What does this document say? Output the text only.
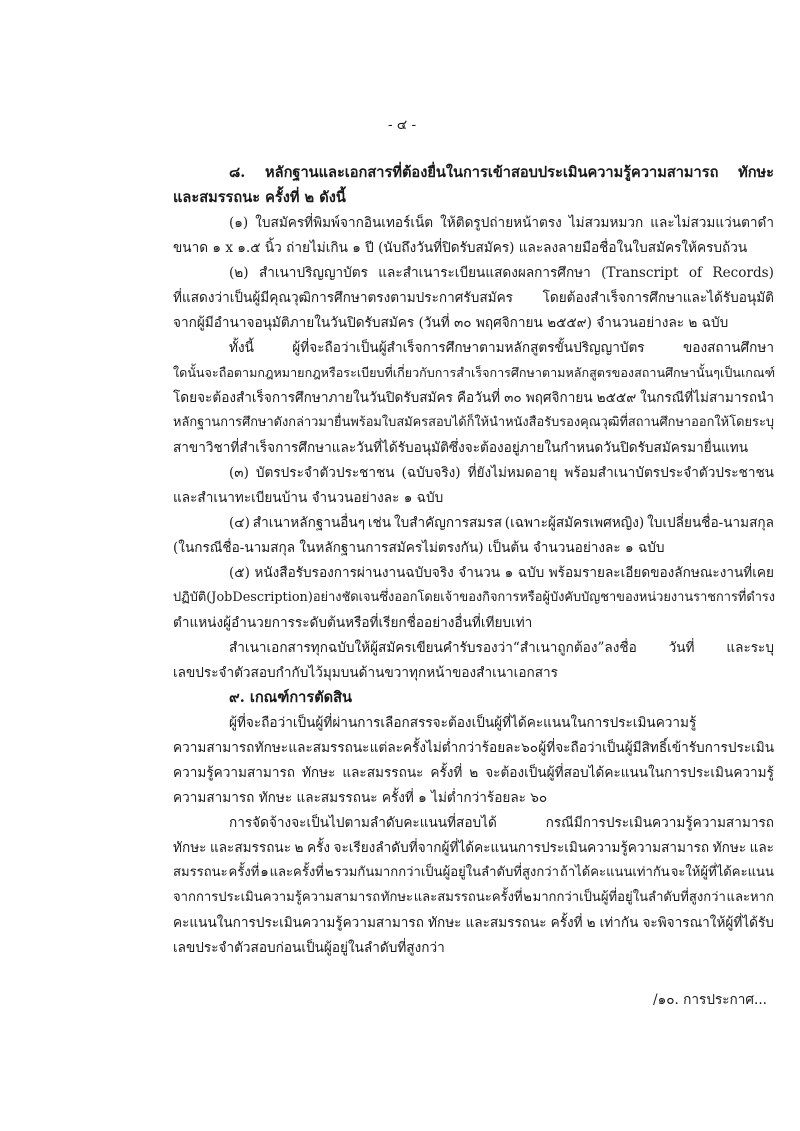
- ๔ -
๘. หลักฐานและเอกสารที่ต้องยื่นในการเข้าสอบประเมินความรู้ความสามารถ ทักษะ
และสมรรถนะ ครั้งที่ ๒ ดังนี้
(๑) ใบสมัครที่พิมพ์จากอินเทอร์เน็ต ให้ติดรูปถ่ายหน้าตรง ไม่สวมหมวก และไม่สวมแว่นตาดำ
ขนาด ๑ x ๑.๕ นิ้ว ถ่ายไม่เกิน ๑ ปี (นับถึงวันที่ปิดรับสมัคร) และลงลายมือชื่อในใบสมัครให้ครบถ้วน
(๒) สำเนาปริญญาบัตร และสำเนาระเบียนแสดงผลการศึกษา (Transcript of Records)
ที่แสดงว่าเป็นผู้มีคุณวุฒิการศึกษาตรงตามประกาศรับสมัคร โดยต้องสำเร็จการศึกษาและได้รับอนุมัติ
จากผู้มีอำนาจอนุมัติภายในวันปิดรับสมัคร (วันที่ ๓๐ พฤศจิกายน ๒๕๕๙) จำนวนอย่างละ ๒ ฉบับ
ทั้งนี้	ผู้ที่จะถือว่าเป็นผู้สำเร็จการศึกษาตามหลักสูตรขั้นปริญญาบัตร	ของสถานศึกษา
ใดนั้นจะถือตามกฎหมาย กฎ หรือระเบียบที่เกี่ยวกับการสำเร็จการศึกษาตามหลักสูตรของสถานศึกษานั้นๆ เป็นเกณฑ์
โดยจะต้องสำเร็จการศึกษาภายในวันปิดรับสมัคร คือวันที่ ๓๐ พฤศจิกายน ๒๕๕๙ ในกรณีที่ไม่สามารถนำ
หลักฐานการศึกษาดังกล่าวมายื่นพร้อมใบสมัครสอบได้ก็ให้นำหนังสือรับรองคุณวุฒิที่สถานศึกษาออกให้ โดยระบุ
สาขาวิชาที่สำเร็จการศึกษาและวันที่ได้รับอนุมัติซึ่งจะต้องอยู่ภายในกำหนดวันปิดรับสมัครมายื่นแทน
(๓) บัตรประจำตัวประชาชน (ฉบับจริง) ที่ยังไม่หมดอายุ พร้อมสำเนาบัตรประจำตัวประชาชน
และสำเนาทะเบียนบ้าน จำนวนอย่างละ ๑ ฉบับ
(๔) สำเนาหลักฐานอื่นๆ เช่น ใบสำคัญการสมรส (เฉพาะผู้สมัครเพศหญิง) ใบเปลี่ยนชื่อ-นามสกุล
(ในกรณีชื่อ-นามสกุล ในหลักฐานการสมัครไม่ตรงกัน) เป็นต้น จำนวนอย่างละ ๑ ฉบับ
(๕) หนังสือรับรองการผ่านงานฉบับจริง จำนวน ๑ ฉบับ พร้อมรายละเอียดของลักษณะงานที่เคย
ปฏิบัติ (Job Description) อย่างชัดเจน ซึ่งออกโดยเจ้าของกิจการหรือผู้บังคับบัญชาของหน่วยงานราชการที่ดำรง
ตำแหน่งผู้อำนวยการระดับต้นหรือที่เรียกชื่ออย่างอื่นที่เทียบเท่า
สำเนาเอกสารทุกฉบับให้ผู้สมัครเขียนคำรับรองว่า“สำเนาถูกต้อง”ลงชื่อ วันที่ และระบุ
เลขประจำตัวสอบกำกับไว้มุมบนด้านขวาทุกหน้าของสำเนาเอกสาร
๙. เกณฑ์การตัดสิน
ผู้ที่จะถือว่าเป็นผู้ที่ผ่านการเลือกสรรจะต้องเป็นผู้ที่ได้คะแนนในการประเมินความรู้
ความสามารถ ทักษะ และสมรรถนะ แต่ละครั้งไม่ต่ำกว่าร้อยละ ๖๐ ผู้ที่จะถือว่าเป็นผู้มีสิทธิ์เข้ารับการประเมิน
ความรู้ความสามารถ ทักษะ และสมรรถนะ ครั้งที่ ๒ จะต้องเป็นผู้ที่สอบได้คะแนนในการประเมินความรู้
ความสามารถ ทักษะ และสมรรถนะ ครั้งที่ ๑ ไม่ต่ำกว่าร้อยละ ๖๐
การจัดจ้างจะเป็นไปตามลำดับคะแนนที่สอบได้	กรณีมีการประเมินความรู้ความสามารถ
ทักษะ และสมรรถนะ ๒ ครั้ง จะเรียงลำดับที่จากผู้ที่ได้คะแนนการประเมินความรู้ความสามารถ ทักษะ และ
สมรรถนะ ครั้งที่ ๑ และครั้งที่ ๒ รวมกันมากกว่าเป็นผู้อยู่ในลำดับที่สูงกว่า ถ้าได้คะแนนเท่ากัน จะให้ผู้ที่ได้คะแนน
จากการประเมินความรู้ความสามารถ ทักษะ และสมรรถนะครั้งที่ ๒ มากกว่าเป็นผู้ที่อยู่ในลำดับที่สูงกว่า และหาก
คะแนนในการประเมินความรู้ความสามารถ ทักษะ และสมรรถนะ ครั้งที่ ๒ เท่ากัน จะพิจารณาให้ผู้ที่ได้รับ
เลขประจำตัวสอบก่อนเป็นผู้อยู่ในลำดับที่สูงกว่า
/๑๐. การประกาศ...
